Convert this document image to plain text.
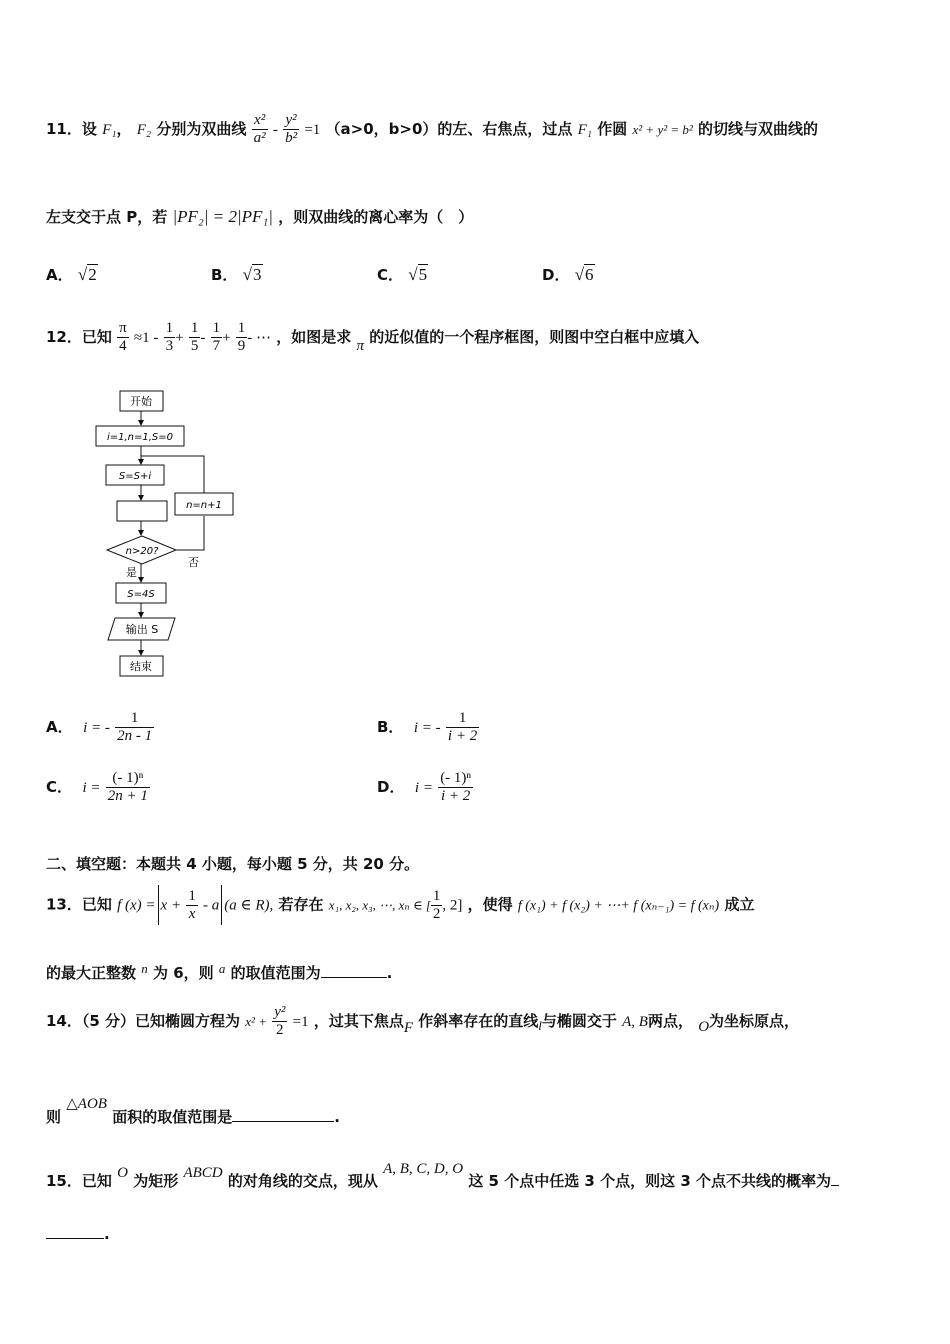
11．设 F₁， F₂ 分别为双曲线 $\frac{\text{x²}}{\text{a²}} - \frac{\text{y²}}{\text{b²}} =1$ （a>0，b>0）的左、右焦点，过点 F₁ 作圆 x² + y² = b² 的切线与双曲线的
左支交于点 P，若 |PF₂| = 2|PF₁| ，则双曲线的离心率为（　）
A． √2	B． √3	C． √5	D． √6
12．已知 $\frac{\pi}{4} \approx 1 - \frac{1}{3} + \frac{1}{5} - \frac{1}{7} + \frac{1}{9}$ - ⋯ ，如图是求 π 的近似值的一个程序框图，则图中空白框中应填入
开始
i=1,n=1,S=0
S=S+i
n=n+1
n>20?
否
是
S=4S
输出 S
结束
A． i = - $\frac{1}{2n - 1}$	B． i = - $\frac{1}{i + 2}$
C． $i = \frac{\text{(- 1)ⁿ}}{2n + 1}$	D． $i = \frac{\text{(- 1)ⁿ}}{i + 2}$
二、填空题：本题共 4 小题，每小题 5 分，共 20 分。
13．已知 f $(x) = x + \frac{1}{x} - a$ (a ∈ R), 若存在 x₁, x₂, x₃, ⋯, xₙ ∈ [ $\frac{1}{2}$ , 2] ，使得 f (x₁) + f (x₂) + ⋯+ f (xₙ₋₁) = f (xₙ) 成立
的最大正整数 n 为 6，则 a 的取值范围为	.
14．（5 分）已知椭圆方程为 $x^2 + \frac{\text{y²}}{2} =1$ ，过其下焦点F 作斜率存在的直线l与椭圆交于 A, B两点， O为坐标原点，
则 △AOB 面积的取值范围是	.
15．已知 O 为矩形 ABCD 的对角线的交点，现从 A, B, C, D, O 这 5 个点中任选 3 个点，则这 3 个点不共线的概率为
.
